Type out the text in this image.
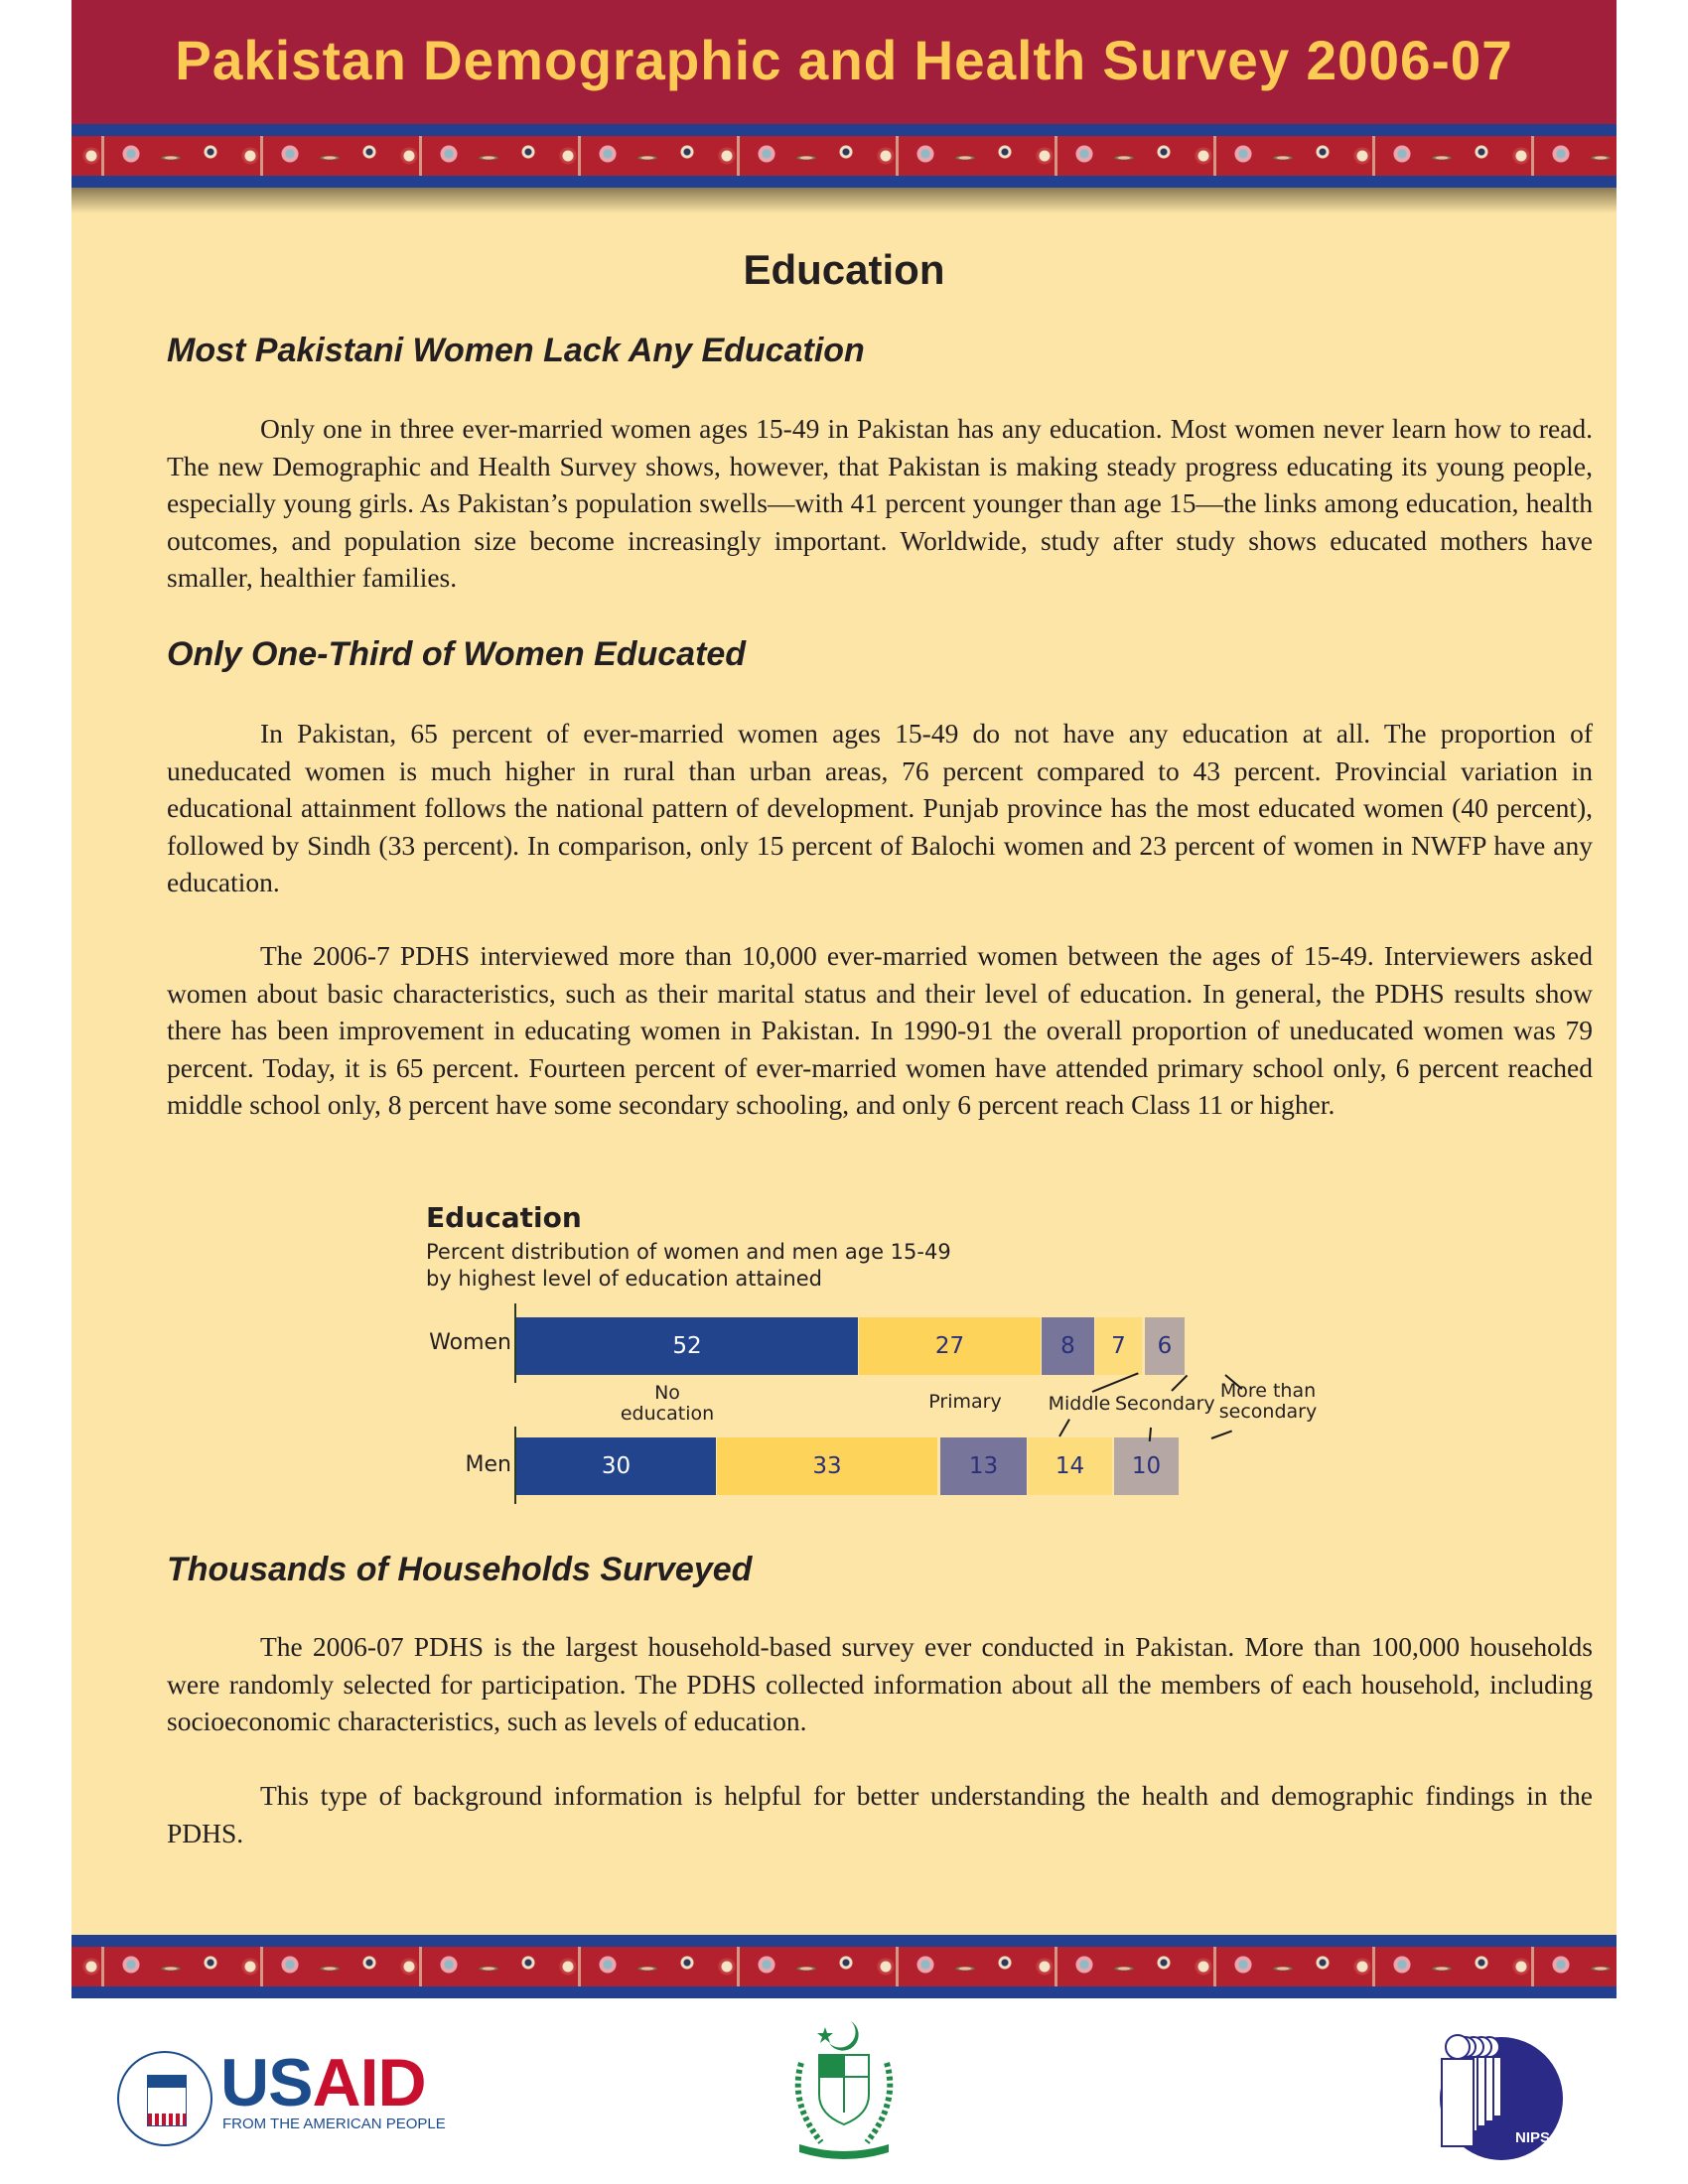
Pakistan Demographic and Health Survey 2006-07
Education
Most Pakistani Women Lack Any Education
Only one in three ever-married women ages 15-49 in Pakistan has any education. Most women never learn how to read. The new Demographic and Health Survey shows, however, that Pakistan is making steady progress educating its young people, especially young girls. As Pakistan’s population swells—with 41 percent younger than age 15—the links among education, health outcomes, and population size become increasingly important. Worldwide, study after study shows educated mothers have smaller, healthier families.
Only One-Third of Women Educated
In Pakistan, 65 percent of ever-married women ages 15-49 do not have any education at all. The proportion of uneducated women is much higher in rural than urban areas, 76 percent compared to 43 percent. Provincial variation in educational attainment follows the national pattern of development. Punjab province has the most educated women (40 percent), followed by Sindh (33 percent). In comparison, only 15 percent of Balochi women and 23 percent of women in NWFP have any education.
The 2006-7 PDHS interviewed more than 10,000 ever-married women between the ages of 15-49. Interviewers asked women about basic characteristics, such as their marital status and their level of education. In general, the PDHS results show there has been improvement in educating women in Pakistan. In 1990-91 the overall proportion of uneducated women was 79 percent. Today, it is 65 percent. Fourteen percent of ever-married women have attended primary school only, 6 percent reached middle school only, 8 percent have some secondary schooling, and only 6 percent reach Class 11 or higher.
Education
Percent distribution of women and men age 15-49 by highest level of education attained
Women
Men
52	27	8	7	6
30	33	13	14	10
No
education
Primary	Middle Secondary
More than
secondary
Thousands of Households Surveyed
The 2006-07 PDHS is the largest household-based survey ever conducted in Pakistan. More than 100,000 households were randomly selected for participation. The PDHS collected information about all the members of each household, including socioeconomic characteristics, such as levels of education.
This type of background information is helpful for better understanding the health and demographic findings in the PDHS.
USAID
FROM THE AMERICAN PEOPLE
NIPS
